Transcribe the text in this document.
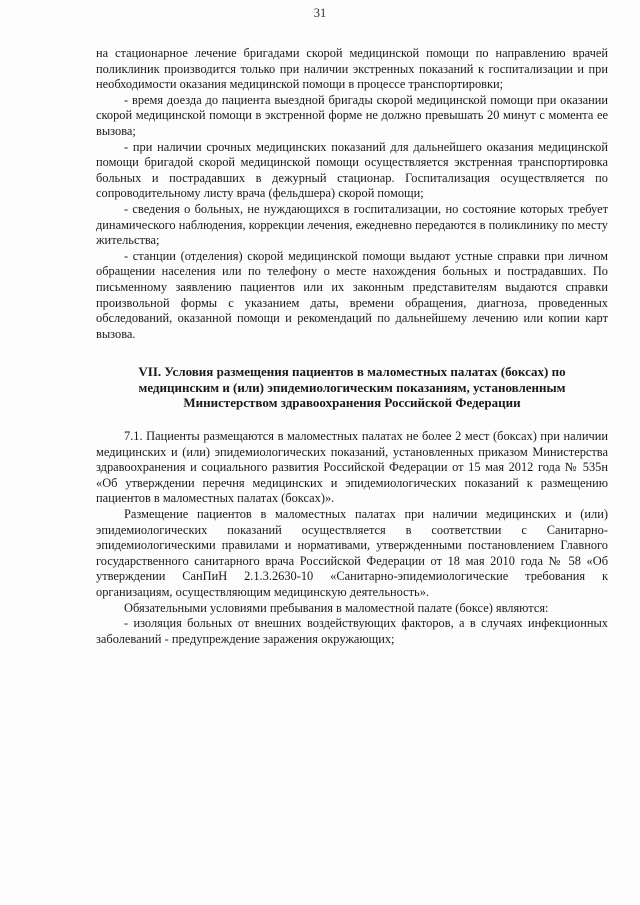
31

на стационарное лечение бригадами скорой медицинской помощи по направлению врачей поликлиник производится только при наличии экстренных показаний к госпитализации и при необходимости оказания медицинской помощи в процессе транспортировки;

- время доезда до пациента выездной бригады скорой медицинской помощи при оказании скорой медицинской помощи в экстренной форме не должно превышать 20 минут с момента ее вызова;

- при наличии срочных медицинских показаний для дальнейшего оказания медицинской помощи бригадой скорой медицинской помощи осуществляется экстренная транспортировка больных и пострадавших в дежурный стационар. Госпитализация осуществляется по сопроводительному листу врача (фельдшера) скорой помощи;

- сведения о больных, не нуждающихся в госпитализации, но состояние которых требует динамического наблюдения, коррекции лечения, ежедневно передаются в поликлинику по месту жительства;

- станции (отделения) скорой медицинской помощи выдают устные справки при личном обращении населения или по телефону о месте нахождения больных и пострадавших. По письменному заявлению пациентов или их законным представителям выдаются справки произвольной формы с указанием даты, времени обращения, диагноза, проведенных обследований, оказанной помощи и рекомендаций по дальнейшему лечению или копии карт вызова.

VII. Условия размещения пациентов в маломестных палатах (боксах) по медицинским и (или) эпидемиологическим показаниям, установленным Министерством здравоохранения Российской Федерации

7.1. Пациенты размещаются в маломестных палатах не более 2 мест (боксах) при наличии медицинских и (или) эпидемиологических показаний, установленных приказом Министерства здравоохранения и социального развития Российской Федерации от 15 мая 2012 года № 535н «Об утверждении перечня медицинских и эпидемиологических показаний к размещению пациентов в маломестных палатах (боксах)».

Размещение пациентов в маломестных палатах при наличии медицинских и (или) эпидемиологических показаний осуществляется в соответствии с Санитарно-эпидемиологическими правилами и нормативами, утвержденными постановлением Главного государственного санитарного врача Российской Федерации от 18 мая 2010 года № 58 «Об утверждении СанПиН 2.1.3.2630-10 «Санитарно-эпидемиологические требования к организациям, осуществляющим медицинскую деятельность».

Обязательными условиями пребывания в маломестной палате (боксе) являются:

- изоляция больных от внешних воздействующих факторов, а в случаях инфекционных заболеваний - предупреждение заражения окружающих;
